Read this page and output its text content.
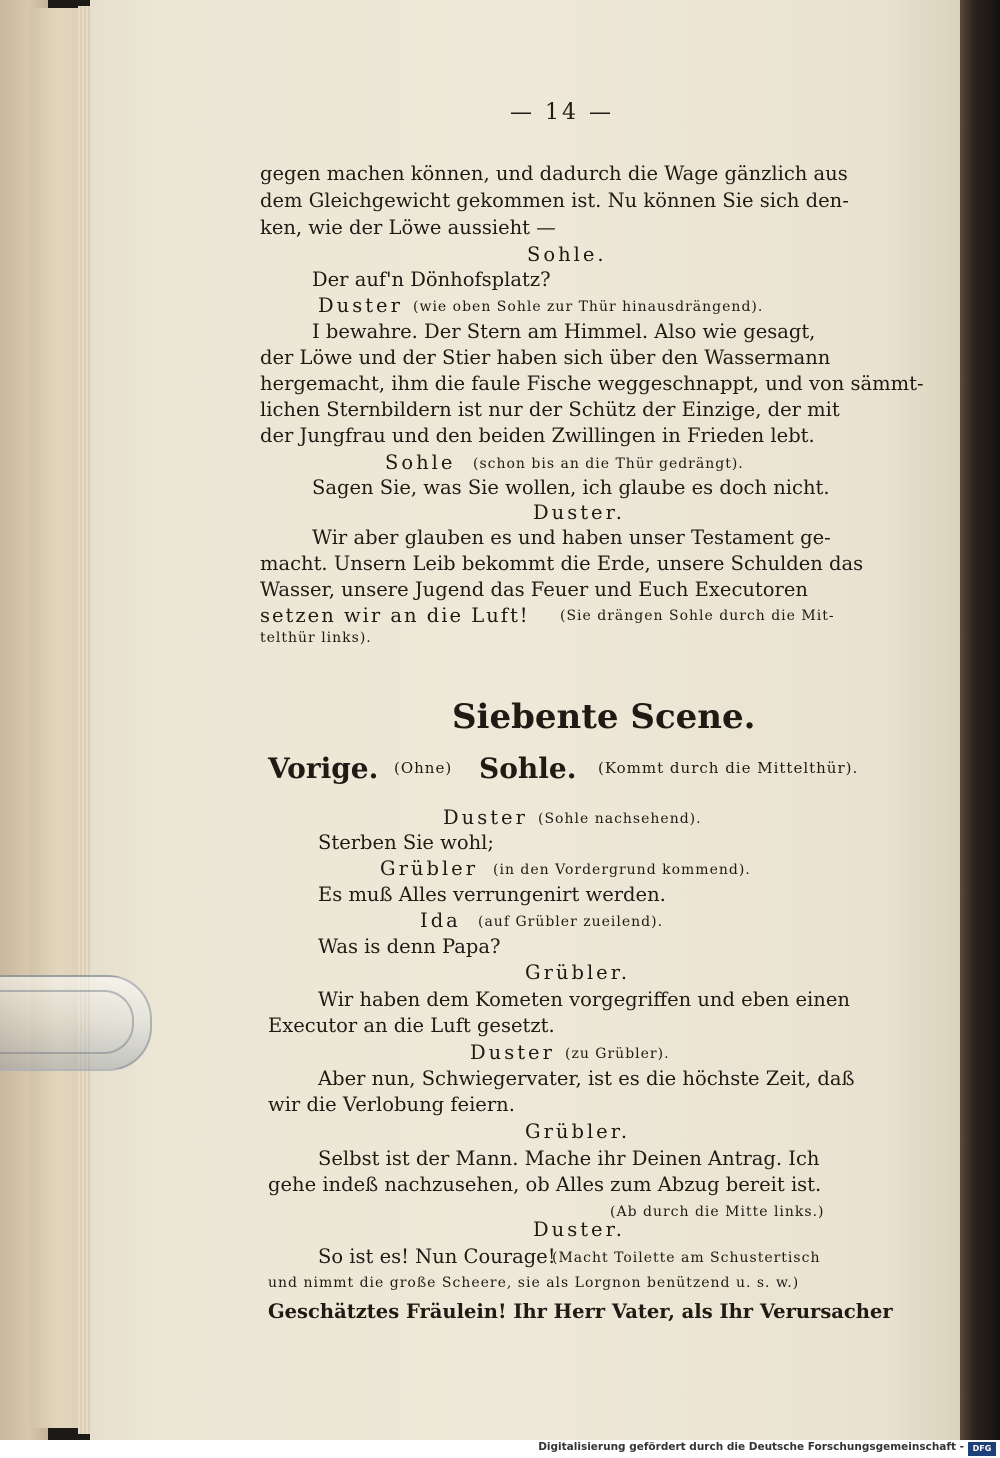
— 14 —
gegen machen können, und dadurch die Wage gänzlich aus
dem Gleichgewicht gekommen ist. Nu können Sie sich den-
ken, wie der Löwe aussieht —
Sohle.
Der auf'n Dönhofsplatz?
Duster (wie oben Sohle zur Thür hinausdrängend).
I bewahre. Der Stern am Himmel. Also wie gesagt,
der Löwe und der Stier haben sich über den Wassermann
hergemacht, ihm die faule Fische weggeschnappt, und von sämmt-
lichen Sternbildern ist nur der Schütz der Einzige, der mit
der Jungfrau und den beiden Zwillingen in Frieden lebt.
Sohle (schon bis an die Thür gedrängt).
Sagen Sie, was Sie wollen, ich glaube es doch nicht.
Duster.
Wir aber glauben es und haben unser Testament ge-
macht. Unsern Leib bekommt die Erde, unsere Schulden das
Wasser, unsere Jugend das Feuer und Euch Executoren
setzen wir an die Luft! (Sie drängen Sohle durch die Mit-
telthür links).
Siebente Scene.
Vorige. (Ohne) Sohle. (Kommt durch die Mittelthür).
Duster (Sohle nachsehend).
Sterben Sie wohl;
Grübler (in den Vordergrund kommend).
Es muß Alles verrungenirt werden.
Ida (auf Grübler zueilend).
Was is denn Papa?
Grübler.
Wir haben dem Kometen vorgegriffen und eben einen
Executor an die Luft gesetzt.
Duster (zu Grübler).
Aber nun, Schwiegervater, ist es die höchste Zeit, daß
wir die Verlobung feiern.
Grübler.
Selbst ist der Mann. Mache ihr Deinen Antrag. Ich
gehe indeß nachzusehen, ob Alles zum Abzug bereit ist.
(Ab durch die Mitte links.)
Duster.
So ist es! Nun Courage!
(Macht Toilette am Schustertisch
und nimmt die große Scheere, sie als Lorgnon benützend u. s. w.)
Geschätztes Fräulein! Ihr Herr Vater, als Ihr Verursacher
Digitalisierung gefördert durch die Deutsche Forschungsgemeinschaft -	DFG
